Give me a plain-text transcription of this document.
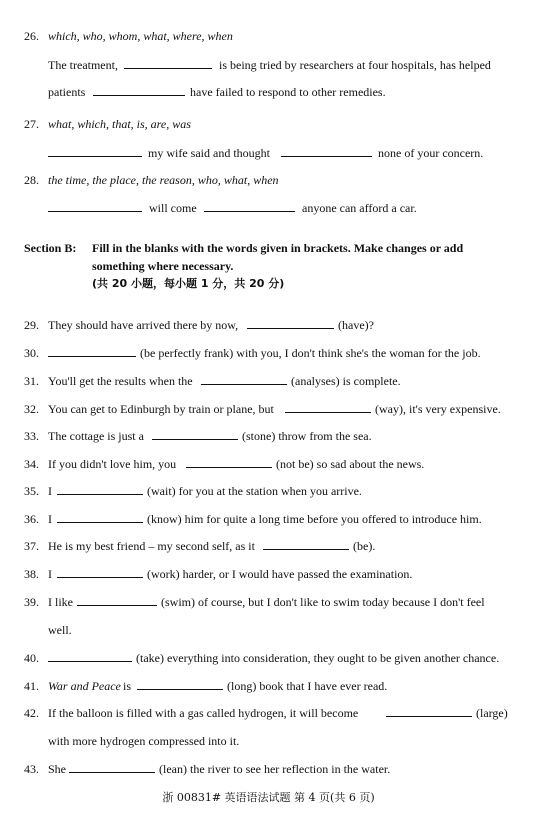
26. which, who, whom, what, where, when
The treatment,	is being tried by researchers at four hospitals, has helped
patients	have failed to respond to other remedies.
27. what, which, that, is, are, was
my wife said and thought	none of your concern.
28. the time, the place, the reason, who, what, when
will come	anyone can afford a car.
Section B: Fill in the blanks with the words given in brackets. Make changes or add
something where necessary.
(共 20 小题，每小题 1 分，共 20 分)
29. They should have arrived there by now,	(have)?
30.	(be perfectly frank) with you, I don't think she's the woman for the job.
31. You'll get the results when the	(analyses) is complete.
32. You can get to Edinburgh by train or plane, but	(way), it's very expensive.
33. The cottage is just a	(stone) throw from the sea.
34. If you didn't love him, you	(not be) so sad about the news.
35. I	(wait) for you at the station when you arrive.
36. I	(know) him for quite a long time before you offered to introduce him.
37. He is my best friend – my second self, as it	(be).
38. I	(work) harder, or I would have passed the examination.
39. I like	(swim) of course, but I don't like to swim today because I don't feel
well.
40.	(take) everything into consideration, they ought to be given another chance.
41. War and Peace is	(long) book that I have ever read.
42. If the balloon is filled with a gas called hydrogen, it will become	(large)
with more hydrogen compressed into it.
43. She	(lean) the river to see her reflection in the water.
浙 00831# 英语语法试题 第 4 页(共 6 页)
